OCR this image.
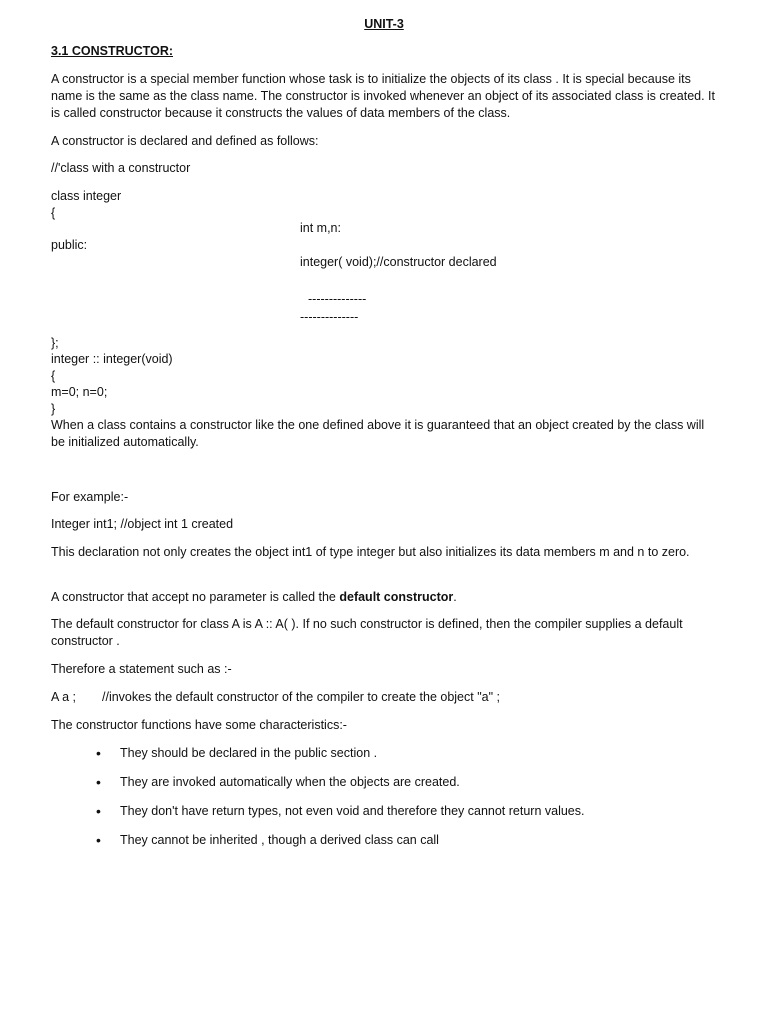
UNIT-3
3.1 CONSTRUCTOR:

A constructor is a special member function whose task is to initialize the objects of its class . It is special because its name is the same as the class name. The constructor is invoked whenever an object of its associated class is created. It is called constructor because it constructs the values of data members of the class.

A constructor is declared and defined as follows:
//'class with a constructor
class integer
{
int m,n:
public:
integer( void);//constructor declared
--------------
--------------
};
integer :: integer(void)
{
m=0; n=0;
}

When a class contains a constructor like the one defined above it is guaranteed that an object created by the class will be initialized automatically.

For example:-
Integer int1; //object int 1 created

This declaration not only creates the object int1 of type integer but also initializes its data members m and n to zero.

A constructor that accept no parameter is called the default constructor.

The default constructor for class A is A :: A( ). If no such constructor is defined, then the compiler supplies a default constructor .

Therefore a statement such as :-
A a ; //invokes the default constructor of the compiler to create the object "a" ;
The constructor functions have some characteristics:-
• They should be declared in the public section .
• They are invoked automatically when the objects are created.
• They don't have return types, not even void and therefore they cannot return values.
• They cannot be inherited , though a derived class can call
